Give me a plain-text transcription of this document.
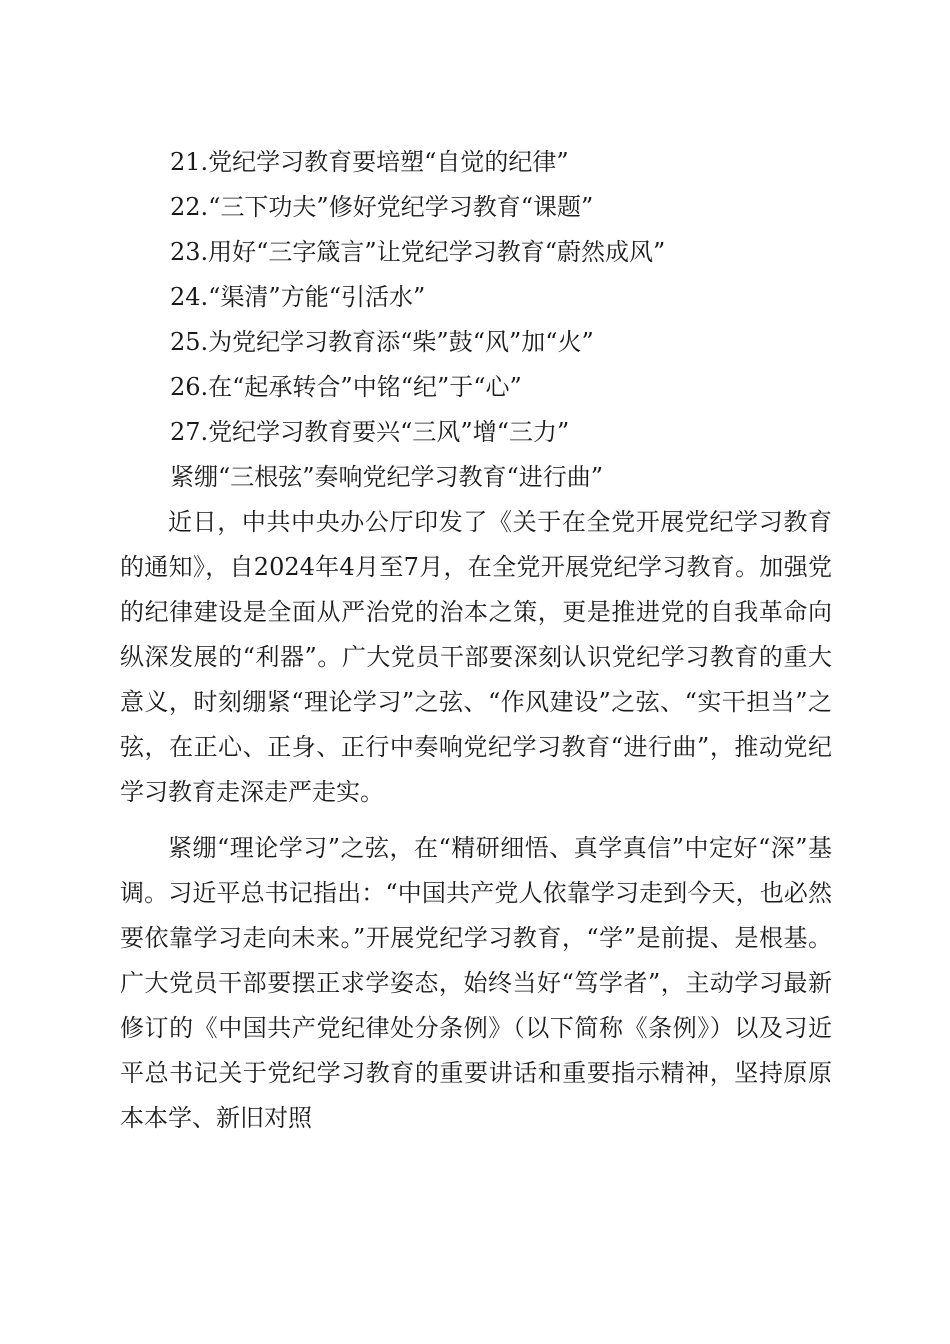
21.党纪学习教育要培塑“自觉的纪律”
22.“三下功夫”修好党纪学习教育“课题”
23.用好“三字箴言”让党纪学习教育“蔚然成风”
24.“渠清”方能“引活水”
25.为党纪学习教育添“柴”鼓“风”加“火”
26.在“起承转合”中铭“纪”于“心”
27.党纪学习教育要兴“三风”增“三力”
紧绷“三根弦”奏响党纪学习教育“进行曲”

近日，中共中央办公厅印发了《关于在全党开展党纪学习教育的通知》，自2024年4月至7月，在全党开展党纪学习教育。加强党的纪律建设是全面从严治党的治本之策，更是推进党的自我革命向纵深发展的“利器”。广大党员干部要深刻认识党纪学习教育的重大意义，时刻绷紧“理论学习”之弦、“作风建设”之弦、“实干担当”之弦，在正心、正身、正行中奏响党纪学习教育“进行曲”，推动党纪学习教育走深走严走实。

紧绷“理论学习”之弦，在“精研细悟、真学真信”中定好“深”基调。习近平总书记指出：“中国共产党人依靠学习走到今天，也必然要依靠学习走向未来。”开展党纪学习教育，“学”是前提、是根基。广大党员干部要摆正求学姿态，始终当好“笃学者”，主动学习最新修订的《中国共产党纪律处分条例》（以下简称《条例》）以及习近平总书记关于党纪学习教育的重要讲话和重要指示精神，坚持原原本本学、新旧对照
